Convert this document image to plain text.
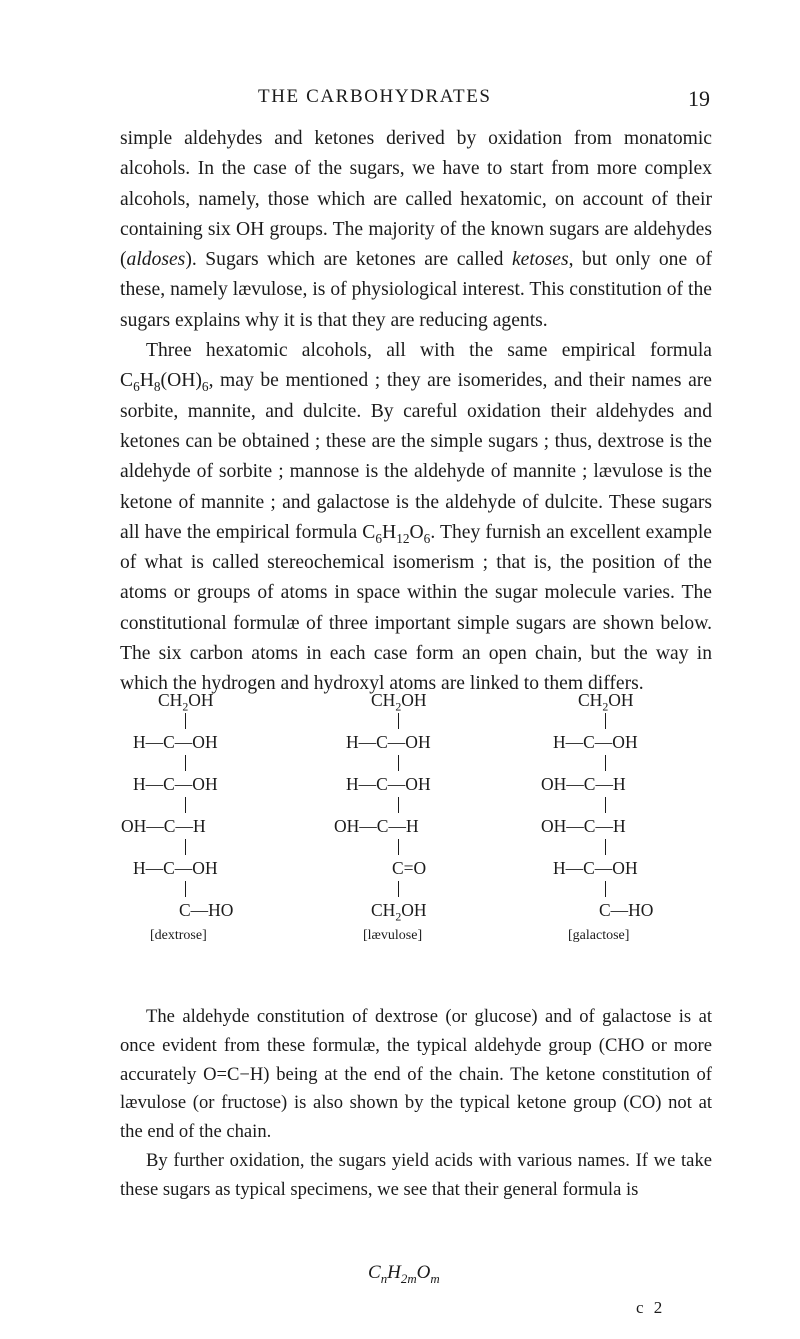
THE CARBOHYDRATES	19

simple aldehydes and ketones derived by oxidation from monatomic alcohols. In the case of the sugars, we have to start from more complex alcohols, namely, those which are called hexatomic, on account of their containing six OH groups. The majority of the known sugars are aldehydes (aldoses). Sugars which are ketones are called ketoses, but only one of these, namely lævulose, is of physiological interest. This constitution of the sugars explains why it is that they are reducing agents.

Three hexatomic alcohols, all with the same empirical formula $C_6H_8(OH)_6$, may be mentioned ; they are isomerides, and their names are sorbite, mannite, and dulcite. By careful oxidation their aldehydes and ketones can be obtained ; these are the simple sugars ; thus, dextrose is the aldehyde of sorbite ; mannose is the aldehyde of mannite ; lævulose is the ketone of mannite ; and galactose is the aldehyde of dulcite. These sugars all have the empirical formula $C_6H_{12}O_6$. They furnish an excellent example of what is called stereochemical isomerism ; that is, the position of the atoms or groups of atoms in space within the sugar molecule varies. The constitutional formulæ of three important simple sugars are shown below. The six carbon atoms in each case form an open chain, but the way in which the hydrogen and hydroxyl atoms are linked to them differs.

$CH_2OH$
H—C—OH
H—C—OH
OH—C—H
H—C—OH
C—HO
[dextrose]
$CH_2OH$
H—C—OH
H—C—OH
OH—C—H
C=O
$CH_2OH$
[lævulose]
$CH_2OH$
H—C—OH
OH—C—H
OH—C—H
H—C—OH
C—HO
[galactose]

The aldehyde constitution of dextrose (or glucose) and of galactose is at once evident from these formulæ, the typical aldehyde group (CHO or more accurately O=C−H) being at the end of the chain. The ketone constitution of lævulose (or fructose) is also shown by the typical ketone group (CO) not at the end of the chain.

By further oxidation, the sugars yield acids with various names. If we take these sugars as typical specimens, we see that their general formula is

$C_nH_{2m}O_m$
c 2
